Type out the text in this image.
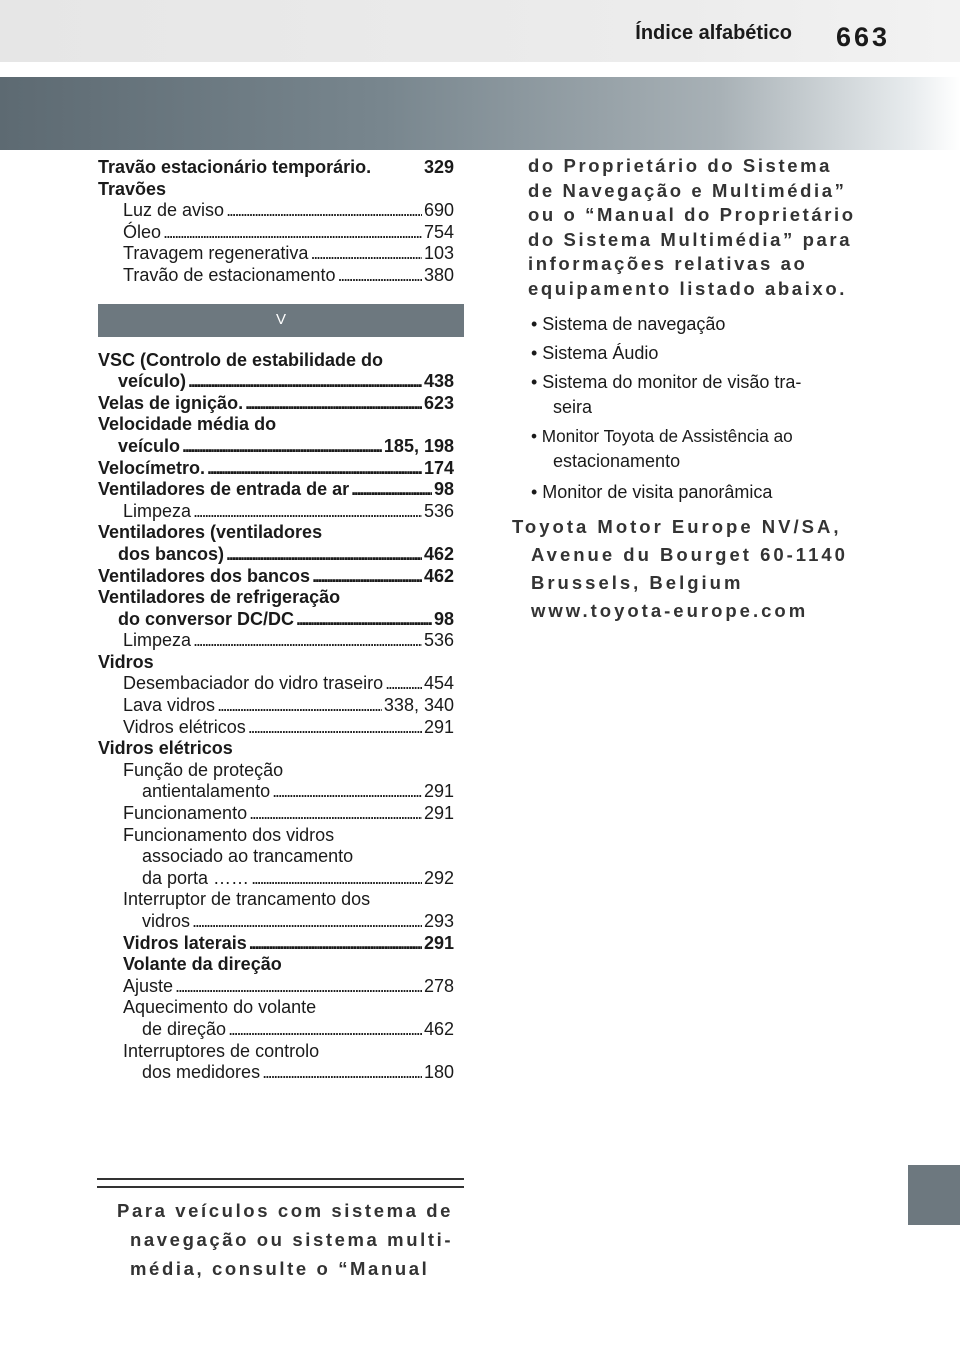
Índice alfabético 663
Travão estacionário temporário.	329
Travões
Luz de aviso . . .	690
Óleo . . .	754
Travagem regenerativa . . .	103
Travão de estacionamento . . .	380
V
VSC (Controlo de estabilidade do
veículo) . . .	438
Velas de ignição. . . .	623
Velocidade média do
veículo . . .	185, 198
Velocímetro. . . .	174
Ventiladores de entrada de ar . . .	98
Limpeza . . .	536
Ventiladores (ventiladores
dos bancos) . . .	462
Ventiladores dos bancos . . .	462
Ventiladores de refrigeração
do conversor DC/DC . . .	98
Limpeza . . .	536
Vidros
Desembaciador do vidro traseiro . . . 454
Lava vidros . . .	338, 340
Vidros elétricos . . .	291
Vidros elétricos
Função de proteção
antientalamento . . .	291
Funcionamento . . .	291
Funcionamento dos vidros
associado ao trancamento
da porta …… . . .	292
Interruptor de trancamento dos
vidros . . .	293
Vidros laterais . . .	291
Volante da direção
Ajuste . . .	278
Aquecimento do volante
de direção . . .	462
Interruptores de controlo
dos medidores . . .	180
Para veículos com sistema de
navegação ou sistema multi-
média, consulte o “Manual
do Proprietário do Sistema
de Navegação e Multimédia”
ou o “Manual do Proprietário
do Sistema Multimédia” para
informações relativas ao
equipamento listado abaixo.
• Sistema de navegação
• Sistema Áudio
• Sistema do monitor de visão tra-
seira
• Monitor Toyota de Assistência ao
estacionamento
• Monitor de visita panorâmica
Toyota Motor Europe NV/SA,
Avenue du Bourget 60-1140
Brussels, Belgium
www.toyota-europe.com
